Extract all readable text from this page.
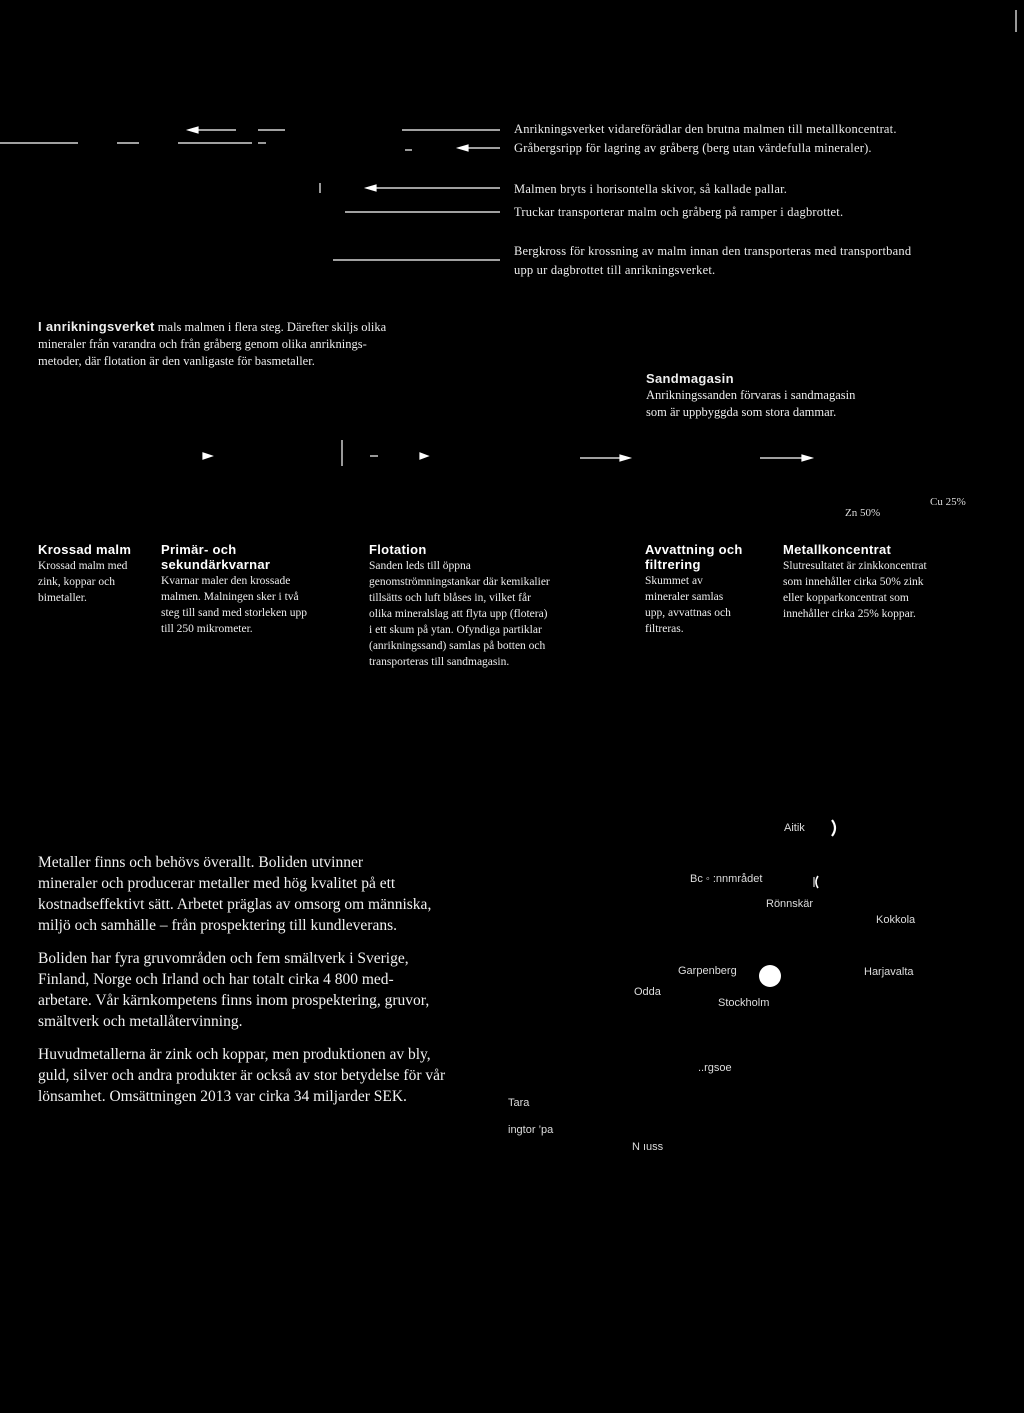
Anrikningsverket vidareförädlar den brutna malmen till metallkoncentrat.
Gråbergsripp för lagring av gråberg (berg utan värdefulla mineraler).
Malmen bryts i horisontella skivor, så kallade pallar.
Truckar transporterar malm och gråberg på ramper i dagbrottet.
Bergkross för krossning av malm innan den transporteras med transportband
upp ur dagbrottet till anrikningsverket.
I anrikningsverket mals malmen i flera steg. Därefter skiljs olika
mineraler från varandra och från gråberg genom olika anriknings-
metoder, där flotation är den vanligaste för basmetaller.
Sandmagasin
Anrikningssanden förvaras i sandmagasin
som är uppbyggda som stora dammar.
Zn 50%
Cu 25%
Krossad malm

Krossad malm med

zink, koppar och

bimetaller.

Primär- och
sekundärkvarnar

Kvarnar maler den krossade

malmen. Malningen sker i två

steg till sand med storleken upp

till 250 mikrometer.

Flotation

Sanden leds till öppna

genomströmningstankar där kemikalier

tillsätts och luft blåses in, vilket får

olika mineralslag att flyta upp (flotera)

i ett skum på ytan. Ofyndiga partiklar

(anrikningssand) samlas på botten och

transporteras till sandmagasin.

Avvattning och
filtrering

Skummet av

mineraler samlas

upp, avvattnas och

filtreras.

Metallkoncentrat

Slutresultatet är zinkkoncentrat

som innehåller cirka 50% zink

eller kopparkoncentrat som

innehåller cirka 25% koppar.

Metaller finns och behövs överallt. Boliden utvinner
mineraler och producerar metaller med hög kvalitet på ett
kostnadseffektivt sätt. Arbetet präglas av omsorg om människa,
miljö och samhälle – från prospektering till kundleverans.

Boliden har fyra gruvområden och fem smältverk i Sverige,
Finland, Norge och Irland och har totalt cirka 4 800 med-
arbetare. Vår kärnkompetens finns inom prospektering, gruvor,
smältverk och metallåtervinning.

Huvudmetallerna är zink och koppar, men produktionen av bly,
guld, silver och andra produkter är också av stor betydelse för vår
lönsamhet. Omsättningen 2013 var cirka 34 miljarder SEK.

Aitik
Bc ◦ :nnmrådet
Rönnskär
Kokkola
Garpenberg	Harjavalta
Odda
Stockholm
..rgsoe
Tara
ingtor ’pa
Ν ıuss
